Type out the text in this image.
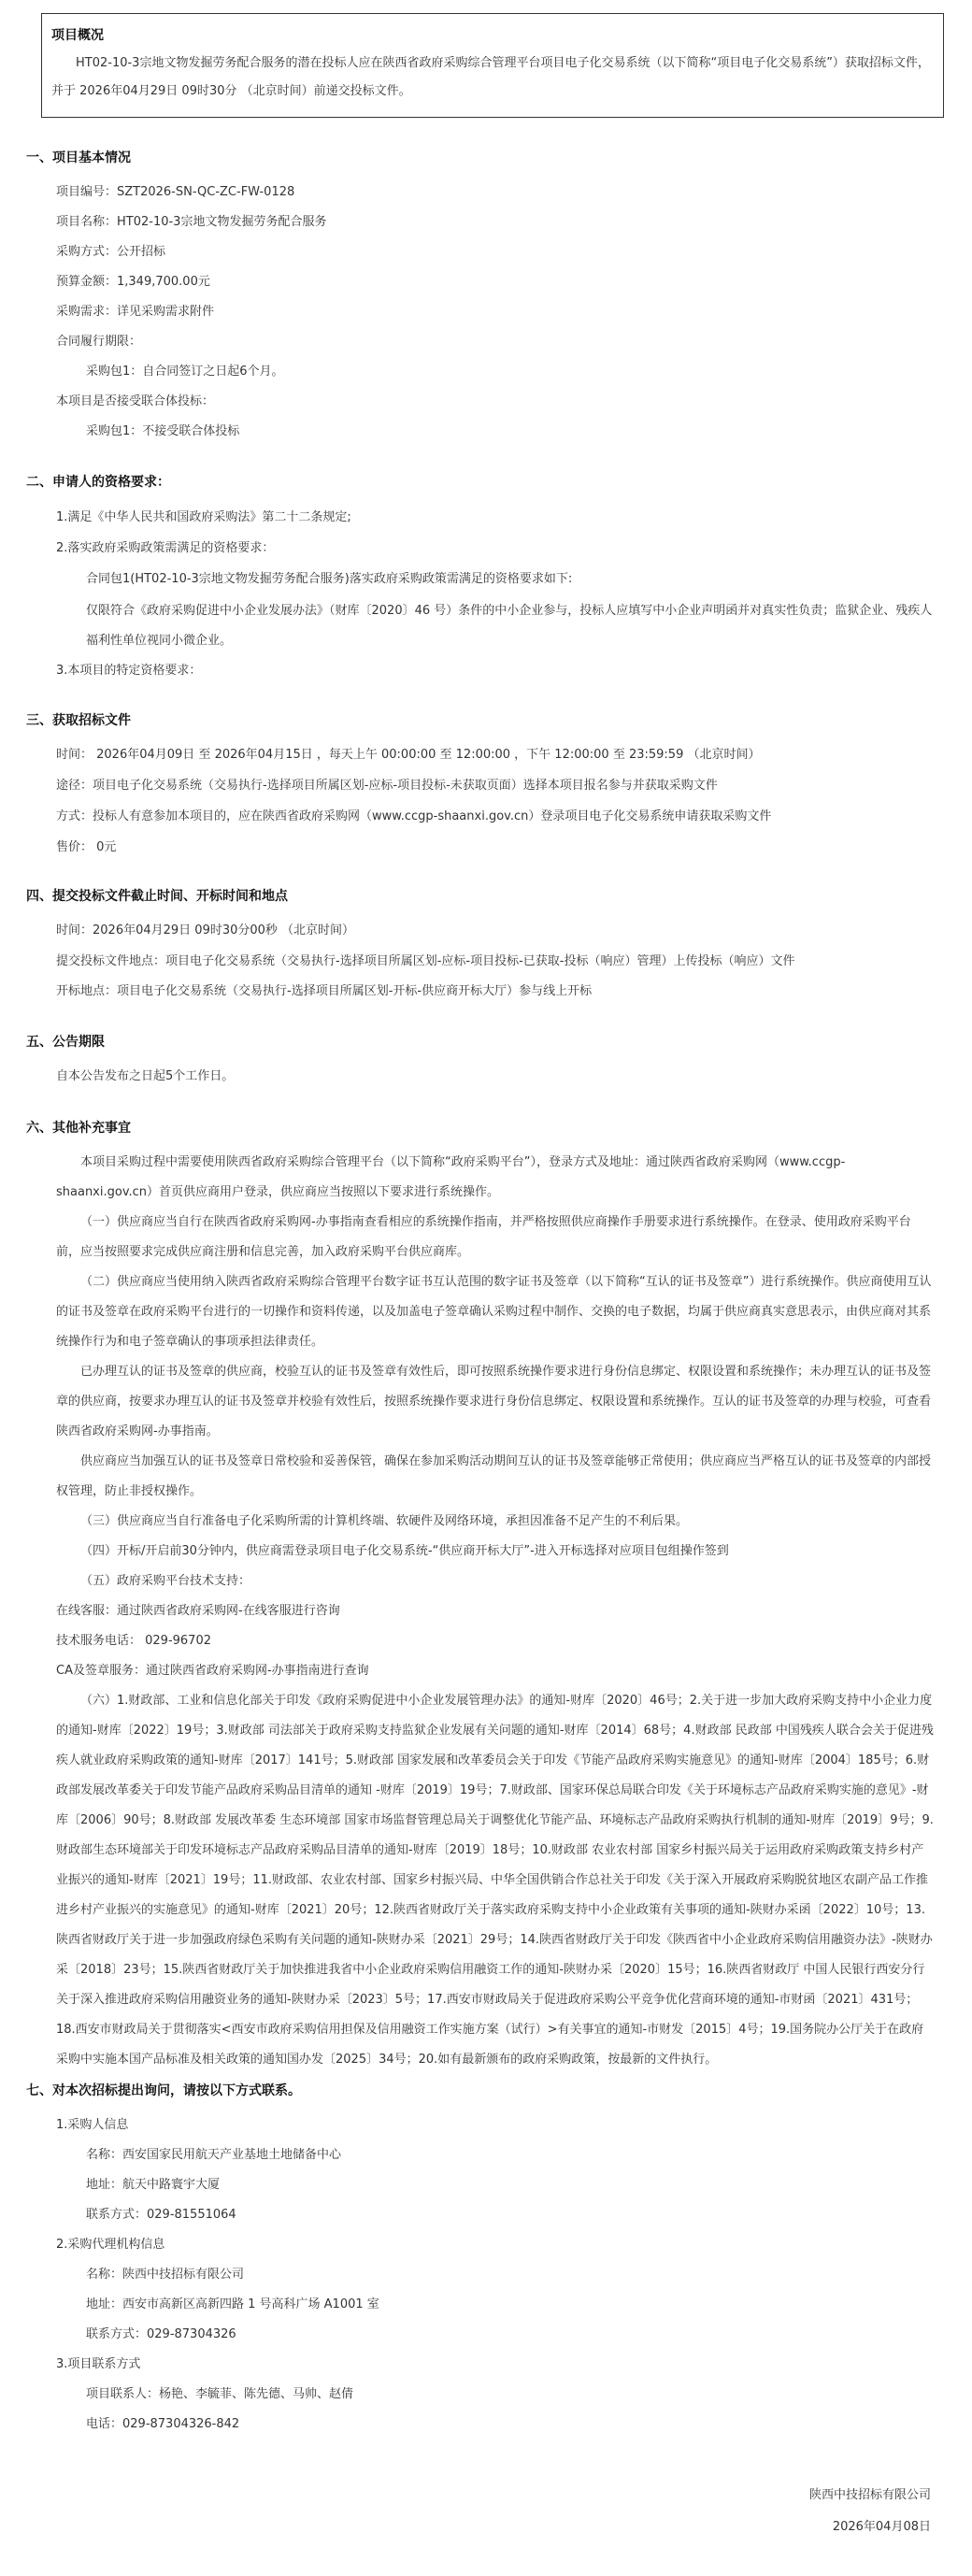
项目概况
HT02-10-3宗地文物发掘劳务配合服务的潜在投标人应在陕西省政府采购综合管理平台项目电子化交易系统（以下简称“项目电子化交易系统”）获取招标文件，并于 2026年04月29日 09时30分 （北京时间）前递交投标文件。
一、项目基本情况
项目编号：SZT2026-SN-QC-ZC-FW-0128
项目名称：HT02-10-3宗地文物发掘劳务配合服务
采购方式：公开招标
预算金额：1,349,700.00元
采购需求：详见采购需求附件
合同履行期限：
采购包1：自合同签订之日起6个月。
本项目是否接受联合体投标：
采购包1：不接受联合体投标
二、申请人的资格要求：
1.满足《中华人民共和国政府采购法》第二十二条规定;
2.落实政府采购政策需满足的资格要求：
合同包1(HT02-10-3宗地文物发掘劳务配合服务)落实政府采购政策需满足的资格要求如下:
仅限符合《政府采购促进中小企业发展办法》（财库〔2020〕46 号）条件的中小企业参与，投标人应填写中小企业声明函并对真实性负责；监狱企业、残疾人福利性单位视同小微企业。
3.本项目的特定资格要求：
三、获取招标文件
时间： 2026年04月09日 至 2026年04月15日 ，每天上午 00:00:00 至 12:00:00 ，下午 12:00:00 至 23:59:59 （北京时间）
途径：项目电子化交易系统（交易执行-选择项目所属区划-应标-项目投标-未获取页面）选择本项目报名参与并获取采购文件
方式：投标人有意参加本项目的，应在陕西省政府采购网（www.ccgp-shaanxi.gov.cn）登录项目电子化交易系统申请获取采购文件
售价： 0元
四、提交投标文件截止时间、开标时间和地点
时间：2026年04月29日 09时30分00秒 （北京时间）
提交投标文件地点：项目电子化交易系统（交易执行-选择项目所属区划-应标-项目投标-已获取-投标（响应）管理）上传投标（响应）文件
开标地点：项目电子化交易系统（交易执行-选择项目所属区划-开标-供应商开标大厅）参与线上开标
五、公告期限
自本公告发布之日起5个工作日。
六、其他补充事宜
本项目采购过程中需要使用陕西省政府采购综合管理平台（以下简称“政府采购平台”），登录方式及地址：通过陕西省政府采购网（www.ccgp-shaanxi.gov.cn）首页供应商用户登录，供应商应当按照以下要求进行系统操作。
（一）供应商应当自行在陕西省政府采购网-办事指南查看相应的系统操作指南，并严格按照供应商操作手册要求进行系统操作。在登录、使用政府采购平台前，应当按照要求完成供应商注册和信息完善，加入政府采购平台供应商库。
（二）供应商应当使用纳入陕西省政府采购综合管理平台数字证书互认范围的数字证书及签章（以下简称“互认的证书及签章”）进行系统操作。供应商使用互认的证书及签章在政府采购平台进行的一切操作和资料传递，以及加盖电子签章确认采购过程中制作、交换的电子数据，均属于供应商真实意思表示，由供应商对其系统操作行为和电子签章确认的事项承担法律责任。
已办理互认的证书及签章的供应商，校验互认的证书及签章有效性后，即可按照系统操作要求进行身份信息绑定、权限设置和系统操作；未办理互认的证书及签章的供应商，按要求办理互认的证书及签章并校验有效性后，按照系统操作要求进行身份信息绑定、权限设置和系统操作。互认的证书及签章的办理与校验，可查看陕西省政府采购网-办事指南。
供应商应当加强互认的证书及签章日常校验和妥善保管，确保在参加采购活动期间互认的证书及签章能够正常使用；供应商应当严格互认的证书及签章的内部授权管理，防止非授权操作。
（三）供应商应当自行准备电子化采购所需的计算机终端、软硬件及网络环境，承担因准备不足产生的不利后果。
（四）开标/开启前30分钟内，供应商需登录项目电子化交易系统-“供应商开标大厅”-进入开标选择对应项目包组操作签到
（五）政府采购平台技术支持：
在线客服：通过陕西省政府采购网-在线客服进行咨询
技术服务电话： 029-96702
CA及签章服务：通过陕西省政府采购网-办事指南进行查询
（六）1.财政部、工业和信息化部关于印发《政府采购促进中小企业发展管理办法》的通知-财库〔2020〕46号；2.关于进一步加大政府采购支持中小企业力度的通知-财库〔2022〕19号；3.财政部 司法部关于政府采购支持监狱企业发展有关问题的通知-财库〔2014〕68号；4.财政部 民政部 中国残疾人联合会关于促进残疾人就业政府采购政策的通知-财库〔2017〕141号；5.财政部 国家发展和改革委员会关于印发《节能产品政府采购实施意见》的通知-财库〔2004〕185号；6.财政部发展改革委关于印发节能产品政府采购品目清单的通知 -财库〔2019〕19号；7.财政部、国家环保总局联合印发《关于环境标志产品政府采购实施的意见》-财库〔2006〕90号；8.财政部 发展改革委 生态环境部 国家市场监督管理总局关于调整优化节能产品、环境标志产品政府采购执行机制的通知-财库〔2019〕9号；9.财政部生态环境部关于印发环境标志产品政府采购品目清单的通知-财库〔2019〕18号；10.财政部 农业农村部 国家乡村振兴局关于运用政府采购政策支持乡村产业振兴的通知-财库〔2021〕19号；11.财政部、农业农村部、国家乡村振兴局、中华全国供销合作总社关于印发《关于深入开展政府采购脱贫地区农副产品工作推进乡村产业振兴的实施意见》的通知-财库〔2021〕20号；12.陕西省财政厅关于落实政府采购支持中小企业政策有关事项的通知-陕财办采函〔2022〕10号；13.陕西省财政厅关于进一步加强政府绿色采购有关问题的通知-陕财办采〔2021〕29号；14.陕西省财政厅关于印发《陕西省中小企业政府采购信用融资办法》-陕财办采〔2018〕23号；15.陕西省财政厅关于加快推进我省中小企业政府采购信用融资工作的通知-陕财办采〔2020〕15号；16.陕西省财政厅 中国人民银行西安分行关于深入推进政府采购信用融资业务的通知-陕财办采〔2023〕5号；17.西安市财政局关于促进政府采购公平竞争优化营商环境的通知-市财函〔2021〕431号；18.西安市财政局关于贯彻落实<西安市政府采购信用担保及信用融资工作实施方案（试行）>有关事宜的通知-市财发〔2015〕4号；19.国务院办公厅关于在政府采购中实施本国产品标准及相关政策的通知国办发〔2025〕34号；20.如有最新颁布的政府采购政策，按最新的文件执行。
七、对本次招标提出询问，请按以下方式联系。
1.采购人信息
名称：西安国家民用航天产业基地土地储备中心
地址：航天中路寰宇大厦
联系方式：029-81551064
2.采购代理机构信息
名称：陕西中技招标有限公司
地址：西安市高新区高新四路 1 号高科广场 A1001 室
联系方式：029-87304326
3.项目联系方式
项目联系人：杨艳、李毓菲、陈先德、马帅、赵倩
电话：029-87304326-842
陕西中技招标有限公司
2026年04月08日
